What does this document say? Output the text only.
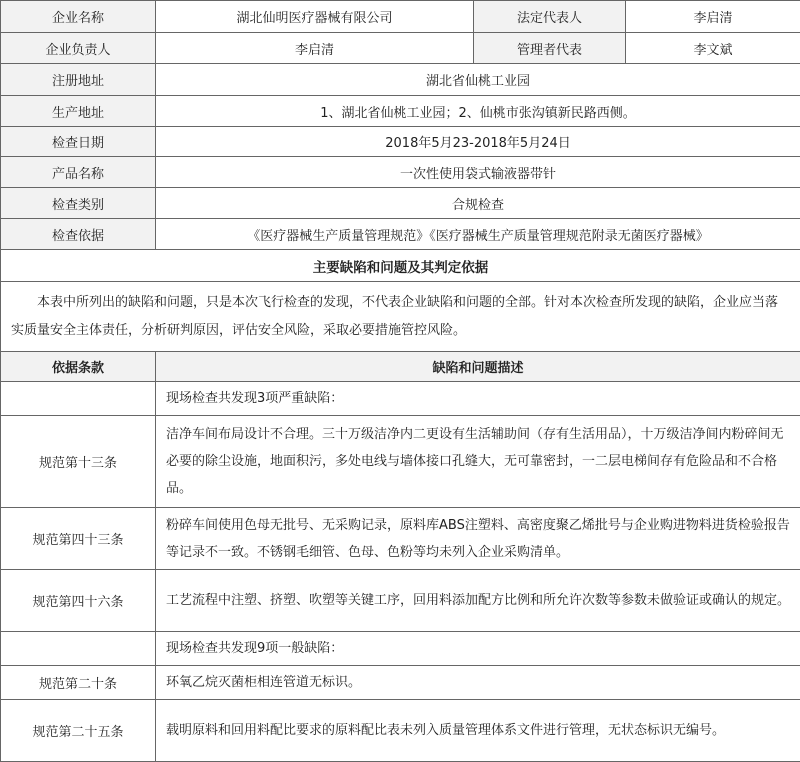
企业名称	湖北仙明医疗器械有限公司	法定代表人	李启清
企业负责人	李启清	管理者代表	李文斌
注册地址	湖北省仙桃工业园		
生产地址	1、湖北省仙桃工业园；2、仙桃市张沟镇新民路西侧。		
检查日期	2018年5月23-2018年5月24日		
产品名称	一次性使用袋式输液器带针		
检查类别	合规检查		
检查依据	《医疗器械生产质量管理规范》《医疗器械生产质量管理规范附录无菌医疗器械》		
主要缺陷和问题及其判定依据			
本表中所列出的缺陷和问题，只是本次飞行检查的发现，不代表企业缺陷和问题的全部。针对本次检查所发现的缺陷，企业应当落实质量安全主体责任，分析研判原因，评估安全风险，采取必要措施管控风险。			
依据条款	缺陷和问题描述		
	现场检查共发现3项严重缺陷：		
规范第十三条	洁净车间布局设计不合理。三十万级洁净内二更设有生活辅助间（存有生活用品），十万级洁净间内粉碎间无必要的除尘设施，地面积污，多处电线与墙体接口孔缝大，无可靠密封，一二层电梯间存有危险品和不合格品。		
规范第四十三条	粉碎车间使用色母无批号、无采购记录，原料库ABS注塑料、高密度聚乙烯批号与企业购进物料进货检验报告等记录不一致。不锈钢毛细管、色母、色粉等均未列入企业采购清单。		
规范第四十六条	工艺流程中注塑、挤塑、吹塑等关键工序，回用料添加配方比例和所允许次数等参数未做验证或确认的规定。		
	现场检查共发现9项一般缺陷：		
规范第二十条	环氧乙烷灭菌柜相连管道无标识。		
规范第二十五条	载明原料和回用料配比要求的原料配比表未列入质量管理体系文件进行管理，无状态标识无编号。		
